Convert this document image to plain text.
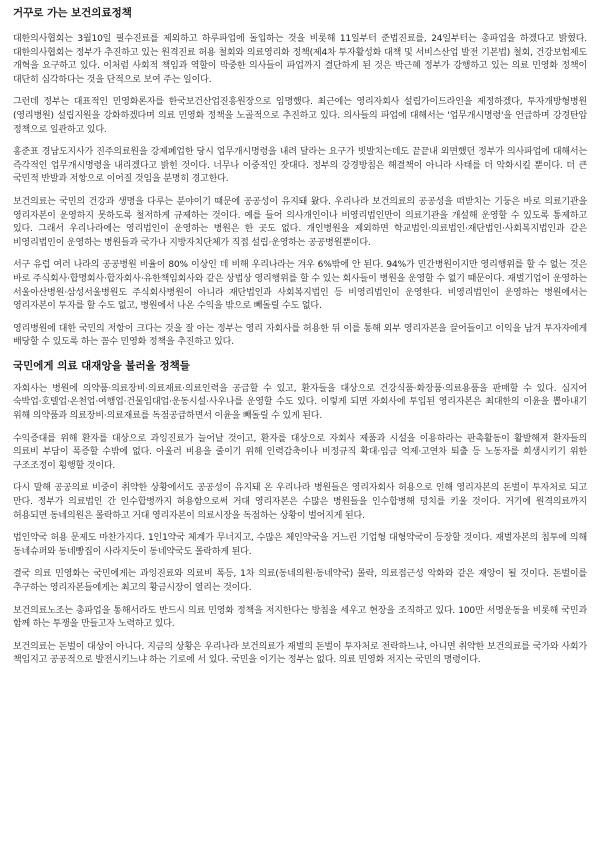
거꾸로 가는 보건의료정책

대한의사협회는 3월10일 필수진료를 제외하고 하루파업에 돌입하는 것을 비롯해 11일부터 준법진료를, 24일부터는 총파업을 하겠다고 밝혔다. 대한의사협회는 정부가 추진하고 있는 원격진료 허용 철회와 의료영리화 정책(제4차 투자활성화 대책 및 서비스산업 발전 기본법) 철회, 건강보험제도 개혁을 요구하고 있다. 이처럼 사회적 책임과 역할이 막중한 의사들이 파업까지 결단하게 된 것은 박근혜 정부가 강행하고 있는 의료 민영화 정책이 대단히 심각하다는 것을 단적으로 보여 주는 일이다.

그런데 정부는 대표적인 민영화론자를 한국보건산업진흥원장으로 임명했다. 최근에는 영리자회사 설립가이드라인을 제정하겠다, 투자개방형병원(영리병원) 설립지원을 강화하겠다며 의료 민영화 정책을 노골적으로 추진하고 있다. 의사들의 파업에 대해서는 '업무개시명령'을 언급하며 강경탄압 정책으로 일관하고 있다.

홍준표 경남도지사가 진주의료원을 강제폐업한 당시 업무개시명령을 내려 달라는 요구가 빗발치는데도 끝끝내 외면했던 정부가 의사파업에 대해서는 즉각적인 업무개시명령을 내리겠다고 밝힌 것이다. 너무나 이중적인 잣대다. 정부의 강경방침은 해결책이 아니라 사태를 더 악화시킬 뿐이다. 더 큰 국민적 반발과 저항으로 이어질 것임을 분명히 경고한다.

보건의료는 국민의 건강과 생명을 다루는 분야이기 때문에 공공성이 유지돼 왔다. 우리나라 보건의료의 공공성을 떠받치는 기둥은 바로 의료기관을 영리자본이 운영하지 못하도록 철저하게 규제하는 것이다. 예를 들어 의사개인이나 비영리법인만이 의료기관을 개설해 운영할 수 있도록 통제하고 있다. 그래서 우리나라에는 영리법인이 운영하는 병원은 한 곳도 없다. 개인병원을 제외하면 학교법인·의료법인·재단법인·사회복지법인과 같은 비영리법인이 운영하는 병원들과 국가나 지방자치단체가 직접 설립·운영하는 공공병원뿐이다.

서구 유럽 여러 나라의 공공병원 비율이 80% 이상인 데 비해 우리나라는 겨우 6%밖에 안 된다. 94%가 민간병원이지만 영리행위를 할 수 없는 것은 바로 주식회사·합명회사·합자회사·유한책임회사와 같은 상법상 영리행위를 할 수 있는 회사들이 병원을 운영할 수 없기 때문이다. 재벌기업이 운영하는 서울아산병원·삼성서울병원도 주식회사병원이 아니라 재단법인과 사회복지법인 등 비영리법인이 운영한다. 비영리법인이 운영하는 병원에서는 영리자본이 투자를 할 수도 없고, 병원에서 나온 수익을 밖으로 빼돌릴 수도 없다.

영리병원에 대한 국민의 저항이 크다는 것을 잘 아는 정부는 영리 자회사를 허용한 뒤 이를 통해 외부 영리자본을 끌어들이고 이익을 남겨 투자자에게 배당할 수 있도록 하는 꼼수 민영화 정책을 추진하고 있다.

국민에게 의료 대재앙을 불러올 정책들

자회사는 병원에 의약품·의료장비·의료재료·의료인력을 공급할 수 있고, 환자들을 대상으로 건강식품·화장품·의료용품을 판매할 수 있다. 심지어 숙박업·호텔업·온천업·여행업·건물임대업·운동시설·사우나를 운영할 수도 있다. 이렇게 되면 자회사에 투입된 영리자본은 최대한의 이윤을 뽑아내기 위해 의약품과 의료장비·의료재료를 독점공급하면서 이윤을 빼돌릴 수 있게 된다.

수익증대를 위해 환자를 대상으로 과잉진료가 늘어날 것이고, 환자를 대상으로 자회사 제품과 시설을 이용하라는 판촉활동이 활발해져 환자들의 의료비 부담이 폭증할 수밖에 없다. 아울러 비용을 줄이기 위해 인력감축이나 비정규직 확대·임금 억제·고연차 퇴출 등 노동자를 희생시키기 위한 구조조정이 횡행할 것이다.

다시 말해 공공의료 비중이 취약한 상황에서도 공공성이 유지돼 온 우리나라 병원들은 영리자회사 허용으로 인해 영리자본의 돈벌이 투자처로 되고 만다. 정부가 의료법인 간 인수합병까지 허용함으로써 거대 영리자본은 수많은 병원들을 인수합병해 덩치를 키울 것이다. 거기에 원격의료까지 허용되면 동네의원은 몰락하고 거대 영리자본이 의료시장을 독점하는 상황이 벌어지게 된다.

법인약국 허용 문제도 마찬가지다. 1인1약국 체계가 무너지고, 수많은 체인약국을 거느린 기업형 대형약국이 등장할 것이다. 재벌자본의 침투에 의해 동네슈퍼와 동네빵집이 사라지듯이 동네약국도 몰락하게 된다.

결국 의료 민영화는 국민에게는 과잉진료와 의료비 폭등, 1차 의료(동네의원·동네약국) 몰락, 의료접근성 악화와 같은 재앙이 될 것이다. 돈벌이를 추구하는 영리자본들에게는 최고의 황금시장이 열리는 것이다.

보건의료노조는 총파업을 통해서라도 반드시 의료 민영화 정책을 저지한다는 방침을 세우고 현장을 조직하고 있다. 100만 서명운동을 비롯해 국민과 함께 하는 투쟁을 만들고자 노력하고 있다.

보건의료는 돈벌이 대상이 아니다. 지금의 상황은 우리나라 보건의료가 재벌의 돈벌이 투자처로 전락하느냐, 아니면 취약한 보건의료를 국가와 사회가 책임지고 공공적으로 발전시키느냐 하는 기로에 서 있다. 국민을 이기는 정부는 없다. 의료 민영화 저지는 국민의 명령이다.
